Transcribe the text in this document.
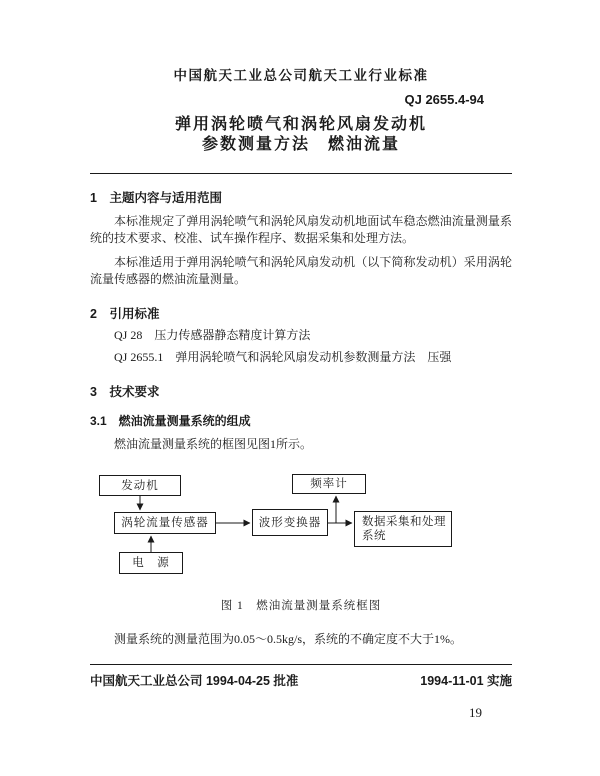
中国航天工业总公司航天工业行业标准
QJ 2655.4-94
弹用涡轮喷气和涡轮风扇发动机
参数测量方法　燃油流量
1　主题内容与适用范围
本标准规定了弹用涡轮喷气和涡轮风扇发动机地面试车稳态燃油流量测量系统的技术要求、校准、试车操作程序、数据采集和处理方法。
本标准适用于弹用涡轮喷气和涡轮风扇发动机（以下简称发动机）采用涡轮流量传感器的燃油流量测量。
2　引用标准
QJ 28　压力传感器静态精度计算方法
QJ 2655.1　弹用涡轮喷气和涡轮风扇发动机参数测量方法　压强
3　技术要求
3.1　燃油流量测量系统的组成
燃油流量测量系统的框图见图1所示。
发动机	频率计
涡轮流量传感器	波形变换器	数据采集和处理
系统
电　源
图 1　燃油流量测量系统框图
测量系统的测量范围为0.05～0.5kg/s，系统的不确定度不大于1%。
中国航天工业总公司 1994-04-25 批准	1994-11-01 实施
19
